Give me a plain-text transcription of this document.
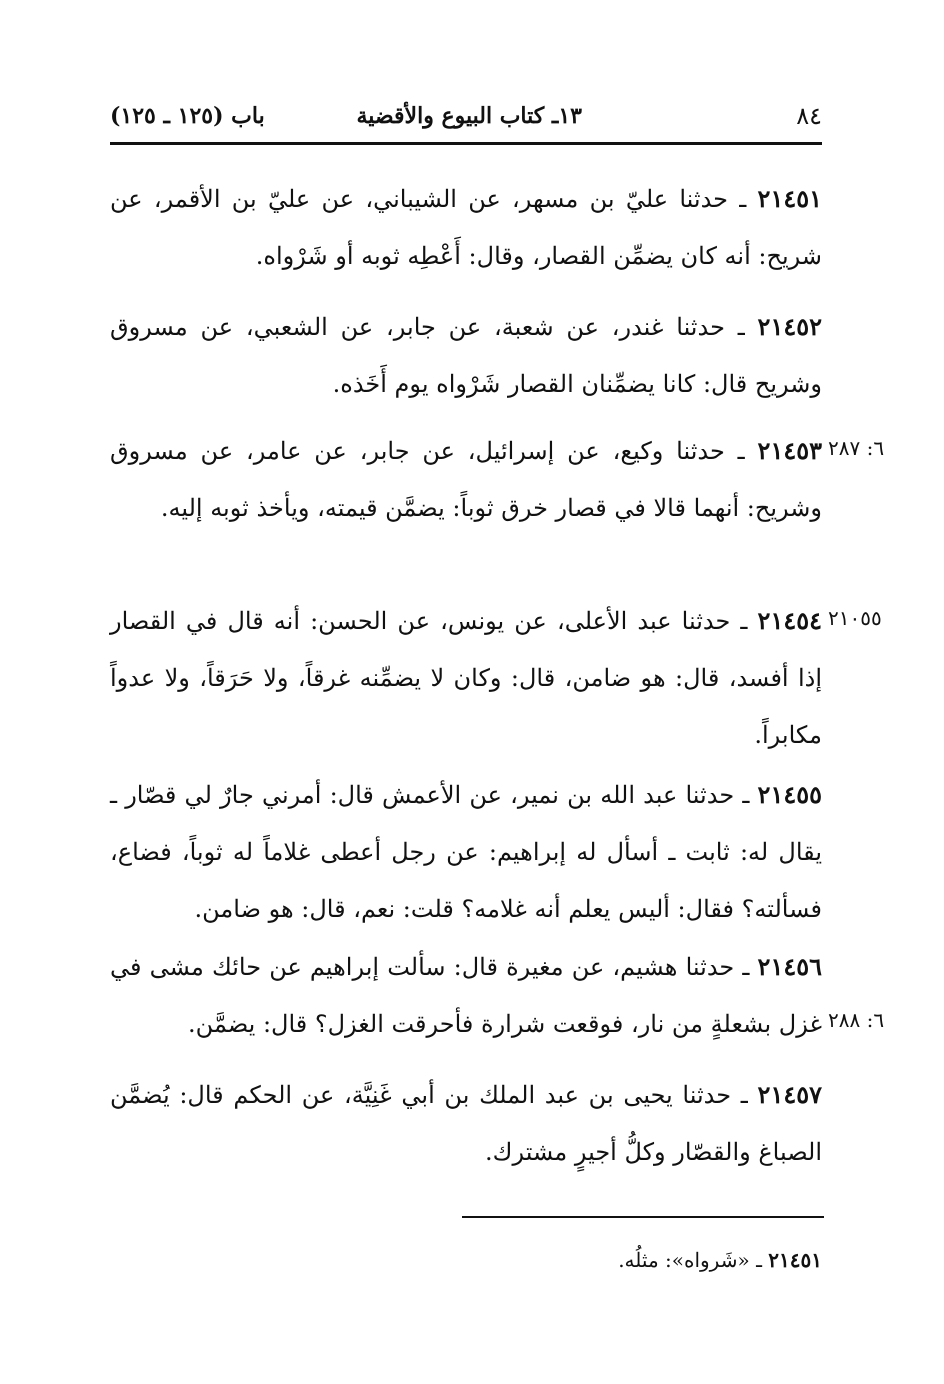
٨٤
١٣ـ كتاب البيوع والأقضية
باب (١٢٥ ـ ١٢٥)
٢١٤٥١ ـ حدثنا عليّ بن مسهر، عن الشيباني، عن عليّ بن الأقمر، عن شريح: أنه كان يضمِّن القصار، وقال: أَعْطِه ثوبه أو شَرْواه.
٢١٤٥٢ ـ حدثنا غندر، عن شعبة، عن جابر، عن الشعبي، عن مسروق وشريح قال: كانا يضمِّنان القصار شَرْواه يوم أَخَذه.
٦: ٢٨٧
٢١٤٥٣ ـ حدثنا وكيع، عن إسرائيل، عن جابر، عن عامر، عن مسروق وشريح: أنهما قالا في قصار خرق ثوباً: يضمَّن قيمته، ويأخذ ثوبه إليه.
٢١٠٥٥
٢١٤٥٤ ـ حدثنا عبد الأعلى، عن يونس، عن الحسن: أنه قال في القصار إذا أفسد، قال: هو ضامن، قال: وكان لا يضمِّنه غرقاً، ولا حَرَقاً، ولا عدواً مكابراً.
٢١٤٥٥ ـ حدثنا عبد الله بن نمير، عن الأعمش قال: أمرني جارٌ لي قصّار ـ يقال له: ثابت ـ أسأل له إبراهيم: عن رجل أعطى غلاماً له ثوباً، فضاع، فسألته؟ فقال: أليس يعلم أنه غلامه؟ قلت: نعم، قال: هو ضامن.
٦: ٢٨٨
٢١٤٥٦ ـ حدثنا هشيم، عن مغيرة قال: سألت إبراهيم عن حائك مشى في غزل بشعلةٍ من نار، فوقعت شرارة فأحرقت الغزل؟ قال: يضمَّن.
٢١٤٥٧ ـ حدثنا يحيى بن عبد الملك بن أبي غَنِيَّة، عن الحكم قال: يُضمَّن الصباغ والقصّار وكلُّ أجيرٍ مشترك.
٢١٤٥١ ـ «شَرواه»: مثلُه.
